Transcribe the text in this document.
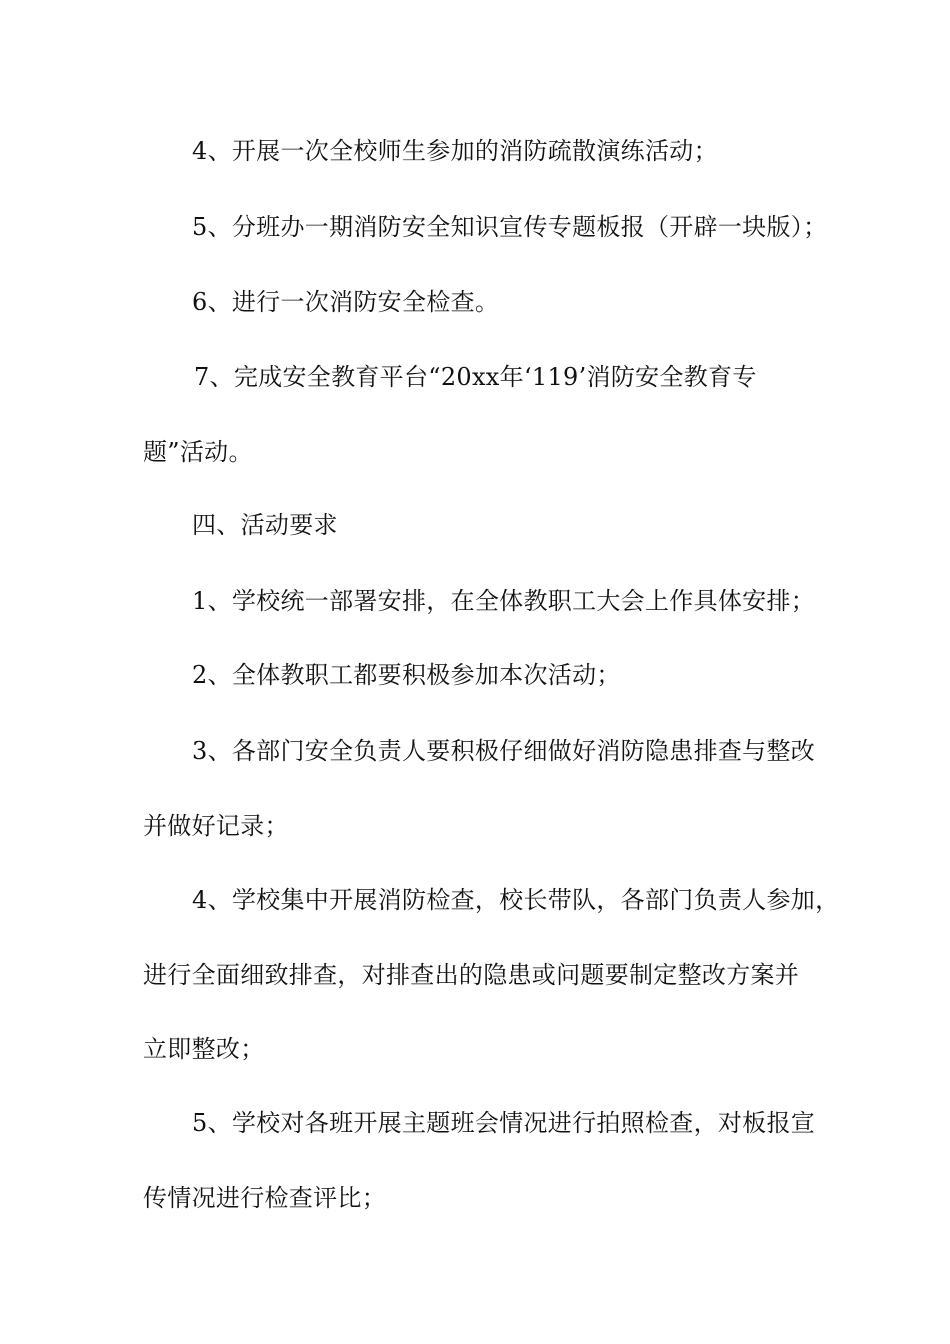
4、开展一次全校师生参加的消防疏散演练活动；
5、分班办一期消防安全知识宣传专题板报（开辟一块版）；
6、进行一次消防安全检查。
7、完成安全教育平台“20xx年‘119’消防安全教育专
题”活动。
四、活动要求
1、学校统一部署安排，在全体教职工大会上作具体安排；
2、全体教职工都要积极参加本次活动；
3、各部门安全负责人要积极仔细做好消防隐患排查与整改
并做好记录；
4、学校集中开展消防检查，校长带队，各部门负责人参加，
进行全面细致排查，对排查出的隐患或问题要制定整改方案并
立即整改；
5、学校对各班开展主题班会情况进行拍照检查，对板报宣
传情况进行检查评比；
